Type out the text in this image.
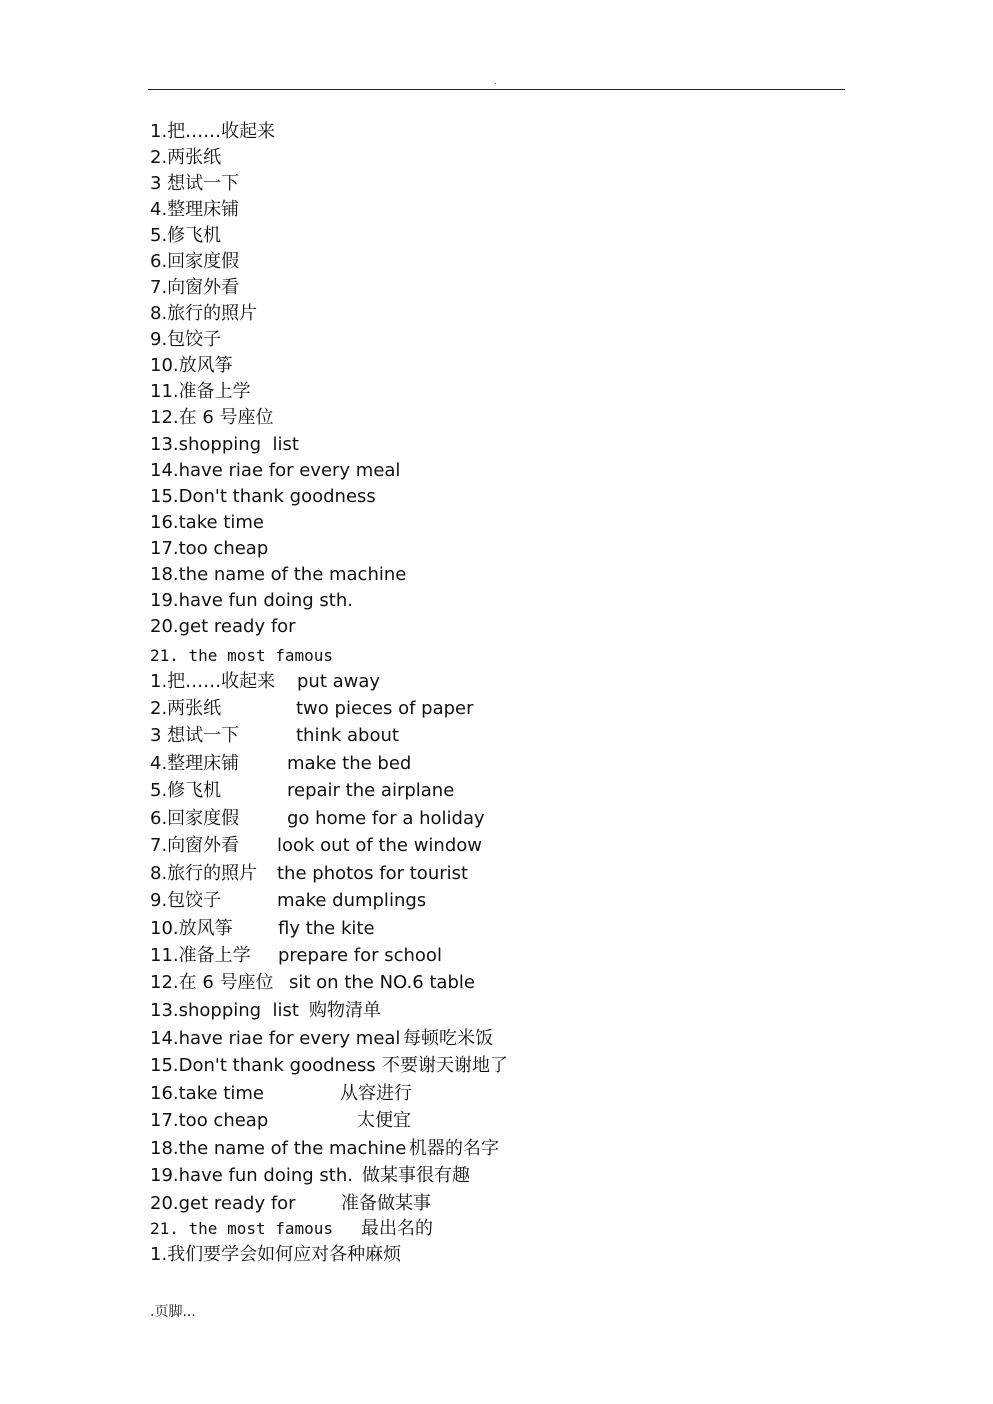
.
1.把……收起来
2.两张纸
3 想试一下
4.整理床铺
5.修飞机
6.回家度假
7.向窗外看
8.旅行的照片
9.包饺子
10.放风筝
11.准备上学
12.在 6 号座位
13.shopping  list
14.have riae for every meal
15.Don't thank goodness
16.take time
17.too cheap
18.the name of the machine
19.have fun doing sth.
20.get ready for
21. the most famous
1.把……收起来 put away
2.两张纸	two pieces of paper
3 想试一下	think about
4.整理床铺	make the bed
5.修飞机	repair the airplane
6.回家度假	go home for a holiday
7.向窗外看 look out of the window
8.旅行的照片 the photos for tourist
9.包饺子	make dumplings
10.放风筝	fly the kite
11.准备上学 prepare for school
12.在 6 号座位 sit on the NO.6 table
13.shopping  list 购物清单
14.have riae for every meal 每顿吃米饭
15.Don't thank goodness 不要谢天谢地了
16.take time	从容进行
17.too cheap	太便宜
18.the name of the machine 机器的名字
19.have fun doing sth. 做某事很有趣
20.get ready for	准备做某事
21. the most famous 最出名的
1.我们要学会如何应对各种麻烦
.页脚...
